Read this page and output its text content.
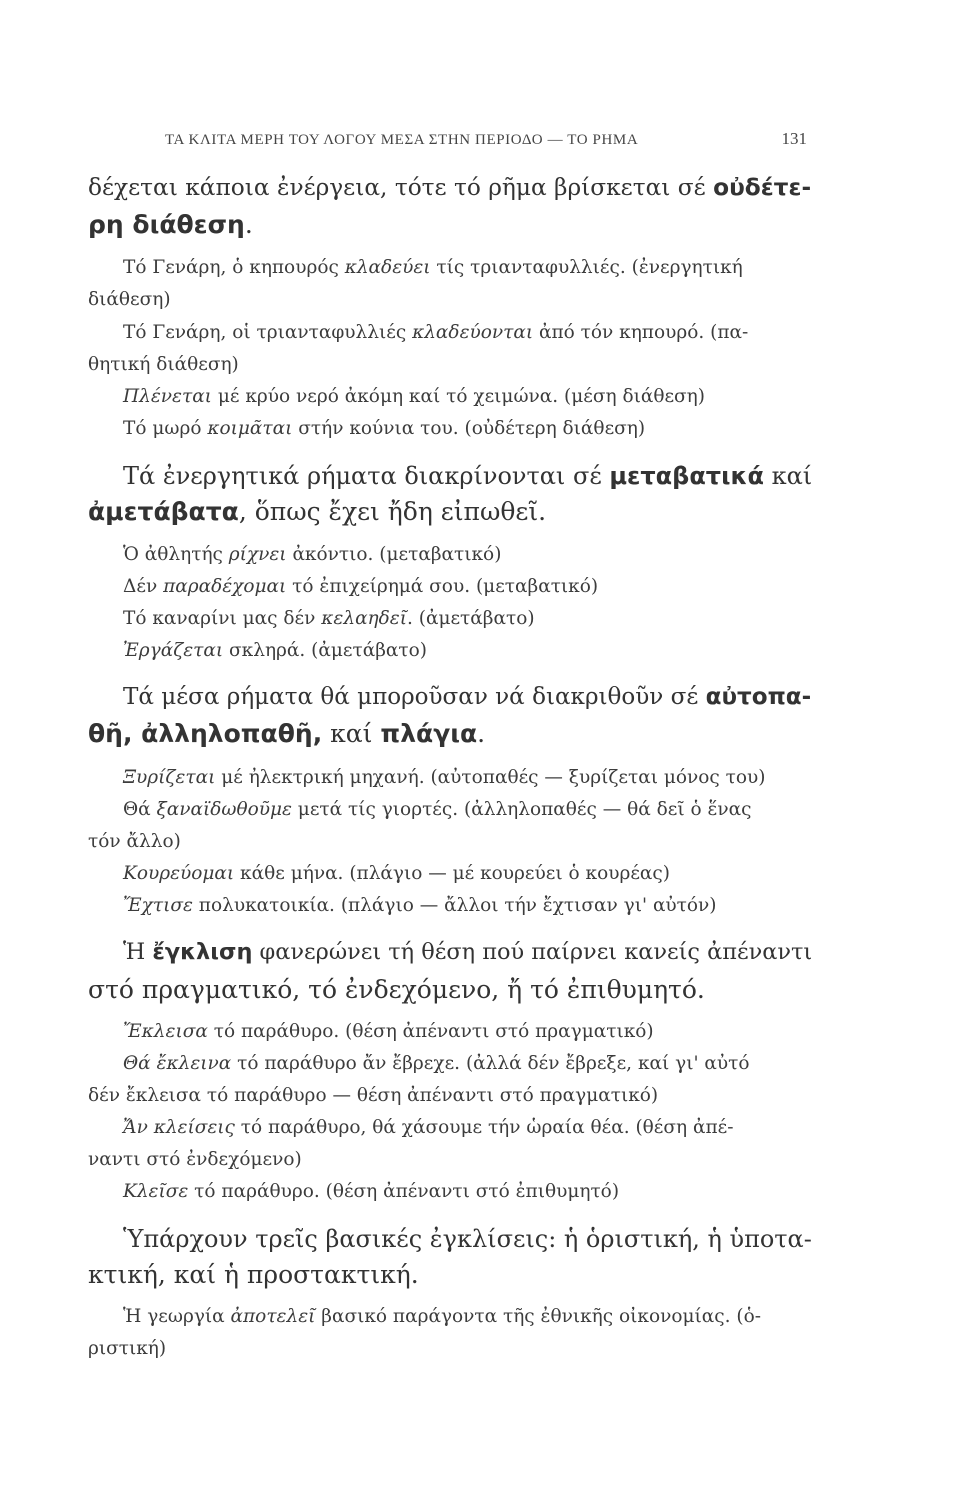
ΤΑ ΚΛΙΤΑ ΜΕΡΗ ΤΟΥ ΛΟΓΟΥ ΜΕΣΑ ΣΤΗΝ ΠΕΡΙΟΔΟ — ΤΟ ΡΗΜΑ	131
δέχεται κάποια ἐνέργεια, τότε τό ρῆμα βρίσκεται σέ οὐδέτε-
ρη διάθεση.
Τό Γενάρη, ὁ κηπουρός κλαδεύει τίς τριανταφυλλιές. (ἐνεργητική
διάθεση)
Τό Γενάρη, οἱ τριανταφυλλιές κλαδεύονται ἀπό τόν κηπουρό. (πα-
θητική διάθεση)
Πλένεται μέ κρύο νερό ἀκόμη καί τό χειμώνα. (μέση διάθεση)
Τό μωρό κοιμᾶται στήν κούνια του. (οὐδέτερη διάθεση)
Τά ἐνεργητικά ρήματα διακρίνονται σέ μεταβατικά καί
ἀμετάβατα, ὅπως ἔχει ἤδη εἰπωθεῖ.
Ὁ ἀθλητής ρίχνει ἀκόντιο. (μεταβατικό)
Δέν παραδέχομαι τό ἐπιχείρημά σου. (μεταβατικό)
Τό καναρίνι μας δέν κελαηδεῖ. (ἀμετάβατο)
Ἐργάζεται σκληρά. (ἀμετάβατο)
Τά μέσα ρήματα θά μποροῦσαν νά διακριθοῦν σέ αὐτοπα-
θῆ, ἀλληλοπαθῆ, καί πλάγια.
Ξυρίζεται μέ ἠλεκτρική μηχανή. (αὐτοπαθές — ξυρίζεται μόνος του)
Θά ξαναϊδωθοῦμε μετά τίς γιορτές. (ἀλληλοπαθές — θά δεῖ ὁ ἕνας
τόν ἄλλο)
Κουρεύομαι κάθε μήνα. (πλάγιο — μέ κουρεύει ὁ κουρέας)
Ἔχτισε πολυκατοικία. (πλάγιο — ἄλλοι τήν ἔχτισαν γι' αὐτόν)
Ἡ ἔγκλιση φανερώνει τή θέση πού παίρνει κανείς ἀπέναντι
στό πραγματικό, τό ἐνδεχόμενο, ἤ τό ἐπιθυμητό.
Ἔκλεισα τό παράθυρο. (θέση ἀπέναντι στό πραγματικό)
Θά ἔκλεινα τό παράθυρο ἄν ἔβρεχε. (ἀλλά δέν ἔβρεξε, καί γι' αὐτό
δέν ἔκλεισα τό παράθυρο — θέση ἀπέναντι στό πραγματικό)
Ἄν κλείσεις τό παράθυρο, θά χάσουμε τήν ὡραία θέα. (θέση ἀπέ-
ναντι στό ἐνδεχόμενο)
Κλεῖσε τό παράθυρο. (θέση ἀπέναντι στό ἐπιθυμητό)
Ὑπάρχουν τρεῖς βασικές ἐγκλίσεις: ἡ ὁριστική, ἡ ὑποτα-
κτική, καί ἡ προστακτική.
Ἡ γεωργία ἀποτελεῖ βασικό παράγοντα τῆς ἐθνικῆς οἰκονομίας. (ὁ-
ριστική)
